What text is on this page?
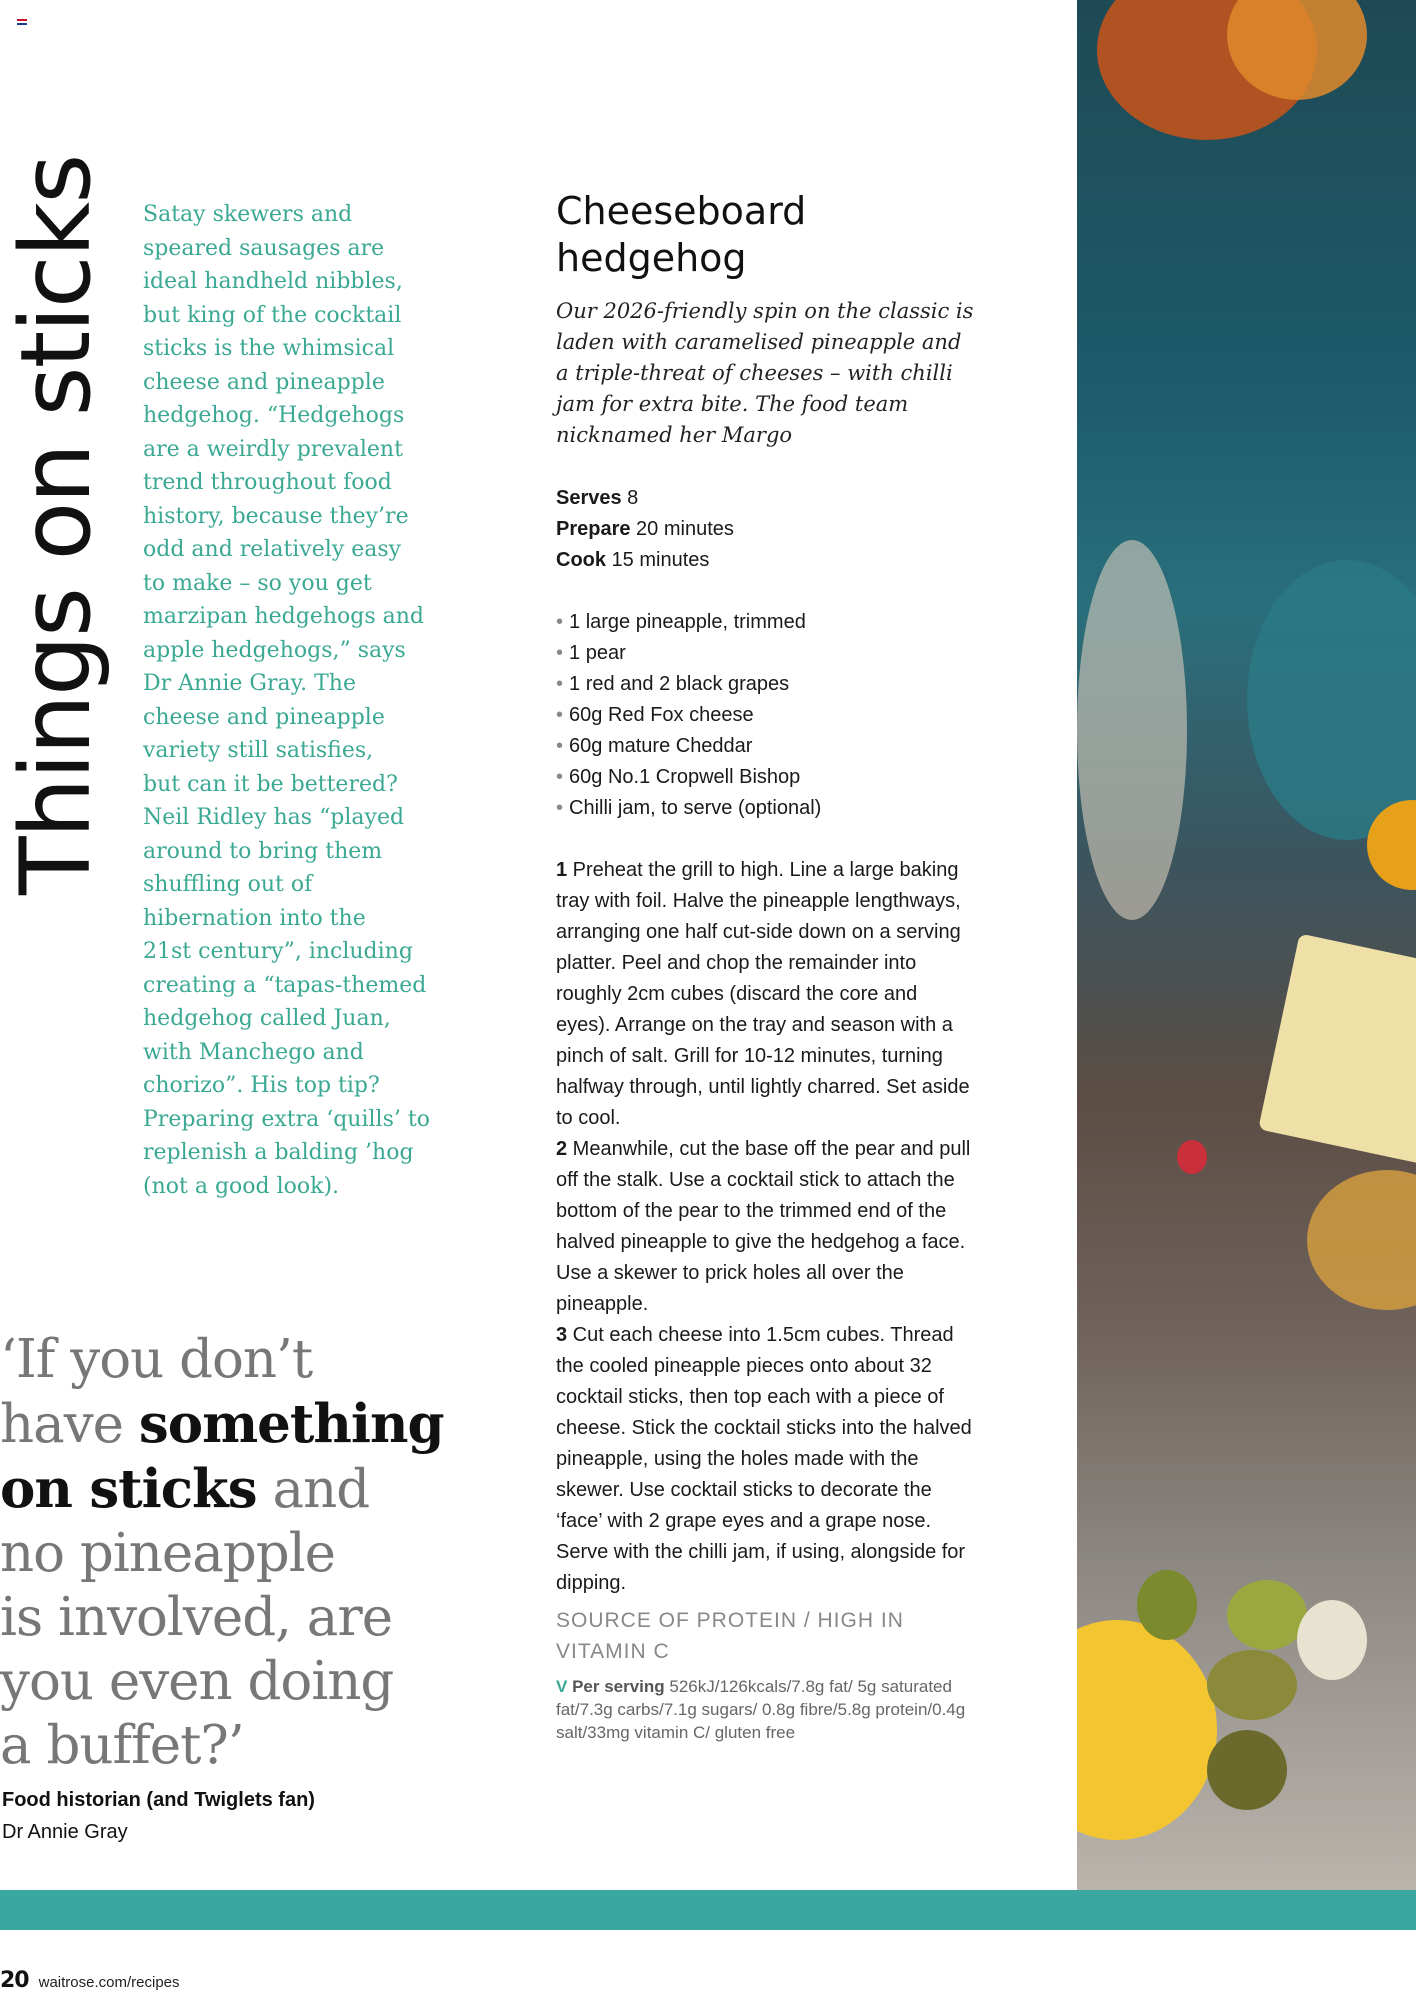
Things on sticks Satay skewers and

speared sausages are

ideal handheld nibbles,

but king of the cocktail

sticks is the whimsical

cheese and pineapple

hedgehog. “Hedgehogs

are a weirdly prevalent

trend throughout food

history, because they’re

odd and relatively easy

to make – so you get

marzipan hedgehogs and

apple hedgehogs,” says

Dr Annie Gray. The

cheese and pineapple

variety still satisfies,

but can it be bettered?

Neil Ridley has “played

around to bring them

shuffling out of

hibernation into the

21st century”, including

creating a “tapas-themed

hedgehog called Juan,

with Manchego and

chorizo”. His top tip?

Preparing extra ‘quills’ to

replenish a balding ’hog

(not a good look).

‘If you don’t

have something

on sticks and

no pineapple

is involved, are

you even doing

a buffet?’

Food historian (and Twiglets fan)
Dr Annie Gray
Cheeseboard
hedgehog

Our 2026-friendly spin on the classic is laden with caramelised pineapple and a triple-threat of cheeses – with chilli jam for extra bite. The food team nicknamed her Margo

Serves 8
Prepare 20 minutes
Cook 15 minutes
• 1 large pineapple, trimmed
• 1 pear
• 1 red and 2 black grapes
• 60g Red Fox cheese
• 60g mature Cheddar
• 60g No.1 Cropwell Bishop
• Chilli jam, to serve (optional)

1 Preheat the grill to high. Line a large baking tray with foil. Halve the pineapple lengthways, arranging one half cut-side down on a serving platter. Peel and chop the remainder into roughly 2cm cubes (discard the core and eyes). Arrange on the tray and season with a pinch of salt. Grill for 10-12 minutes, turning halfway through, until lightly charred. Set aside to cool.

2 Meanwhile, cut the base off the pear and pull off the stalk. Use a cocktail stick to attach the bottom of the pear to the trimmed end of the halved pineapple to give the hedgehog a face. Use a skewer to prick holes all over the pineapple.

3 Cut each cheese into 1.5cm cubes. Thread the cooled pineapple pieces onto about 32 cocktail sticks, then top each with a piece of cheese. Stick the cocktail sticks into the halved pineapple, using the holes made with the skewer. Use cocktail sticks to decorate the ‘face’ with 2 grape eyes and a grape nose. Serve with the chilli jam, if using, alongside for dipping.

SOURCE OF PROTEIN / HIGH IN VITAMIN C

V Per serving 526kJ/126kcals/7.8g fat/ 5g saturated fat/7.3g carbs/7.1g sugars/ 0.8g fibre/5.8g protein/0.4g salt/33mg vitamin C/ gluten free

20 waitrose.com/recipes
